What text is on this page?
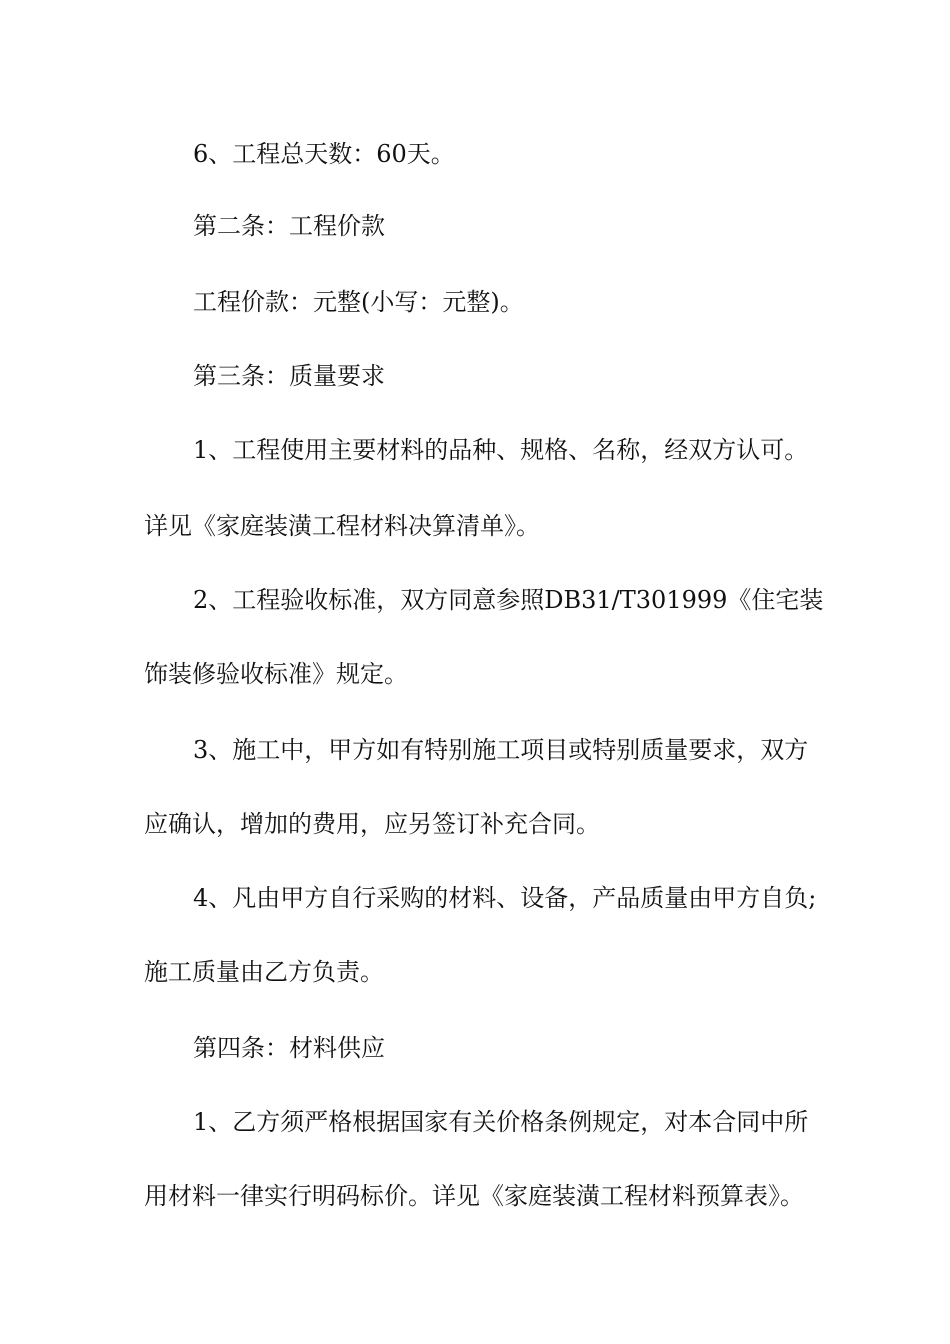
6、工程总天数：60天。
第二条：工程价款
工程价款：元整(小写：元整)。
第三条：质量要求
1、工程使用主要材料的品种、规格、名称，经双方认可。
详见《家庭装潢工程材料决算清单》。
2、工程验收标准，双方同意参照DB31/T301999《住宅装
饰装修验收标准》规定。
3、施工中，甲方如有特别施工项目或特别质量要求，双方
应确认，增加的费用，应另签订补充合同。
4、凡由甲方自行采购的材料、设备，产品质量由甲方自负;
施工质量由乙方负责。
第四条：材料供应
1、乙方须严格根据国家有关价格条例规定，对本合同中所
用材料一律实行明码标价。详见《家庭装潢工程材料预算表》。
